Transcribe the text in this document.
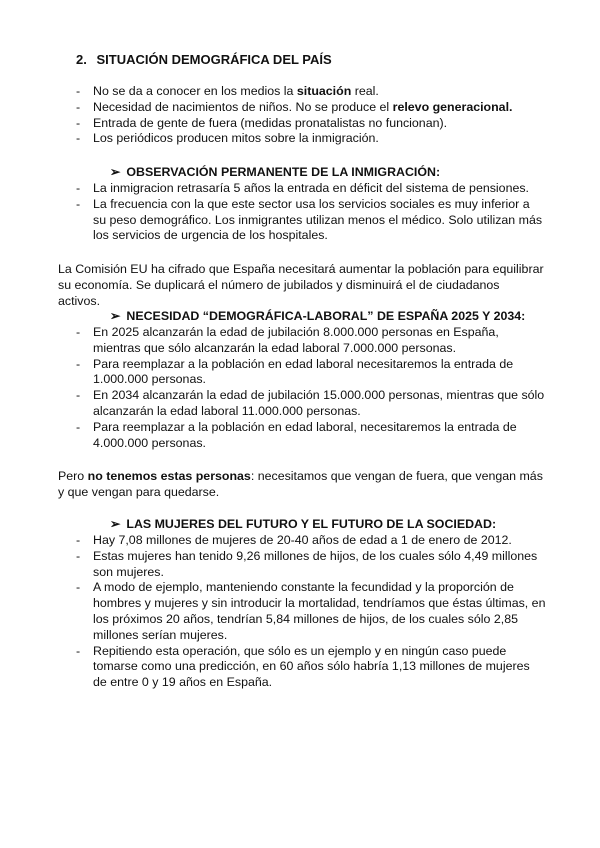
2. SITUACIÓN DEMOGRÁFICA DEL PAÍS
- No se da a conocer en los medios la situación real.
- Necesidad de nacimientos de niños. No se produce el relevo generacional.
- Entrada de gente de fuera (medidas pronatalistas no funcionan).
- Los periódicos producen mitos sobre la inmigración.
➢ OBSERVACIÓN PERMANENTE DE LA INMIGRACIÓN:
- La inmigracion retrasaría 5 años la entrada en déficit del sistema de pensiones.
- La frecuencia con la que este sector usa los servicios sociales es muy inferior a su peso demográfico. Los inmigrantes utilizan menos el médico. Solo utilizan más los servicios de urgencia de los hospitales.
La Comisión EU ha cifrado que España necesitará aumentar la población para equilibrar su economía. Se duplicará el número de jubilados y disminuirá el de ciudadanos activos.
➢ NECESIDAD “DEMOGRÁFICA-LABORAL” DE ESPAÑA 2025 Y 2034:
- En 2025 alcanzarán la edad de jubilación 8.000.000 personas en España, mientras que sólo alcanzarán la edad laboral 7.000.000 personas.
- Para reemplazar a la población en edad laboral necesitaremos la entrada de 1.000.000 personas.
- En 2034 alcanzarán la edad de jubilación 15.000.000 personas, mientras que sólo alcanzarán la edad laboral 11.000.000 personas.
- Para reemplazar a la población en edad laboral, necesitaremos la entrada de 4.000.000 personas.
Pero no tenemos estas personas: necesitamos que vengan de fuera, que vengan más y que vengan para quedarse.
➢ LAS MUJERES DEL FUTURO Y EL FUTURO DE LA SOCIEDAD:
- Hay 7,08 millones de mujeres de 20-40 años de edad a 1 de enero de 2012.
- Estas mujeres han tenido 9,26 millones de hijos, de los cuales sólo 4,49 millones son mujeres.
- A modo de ejemplo, manteniendo constante la fecundidad y la proporción de hombres y mujeres y sin introducir la mortalidad, tendríamos que éstas últimas, en los próximos 20 años, tendrían 5,84 millones de hijos, de los cuales sólo 2,85 millones serían mujeres.
- Repitiendo esta operación, que sólo es un ejemplo y en ningún caso puede tomarse como una predicción, en 60 años sólo habría 1,13 millones de mujeres de entre 0 y 19 años en España.
